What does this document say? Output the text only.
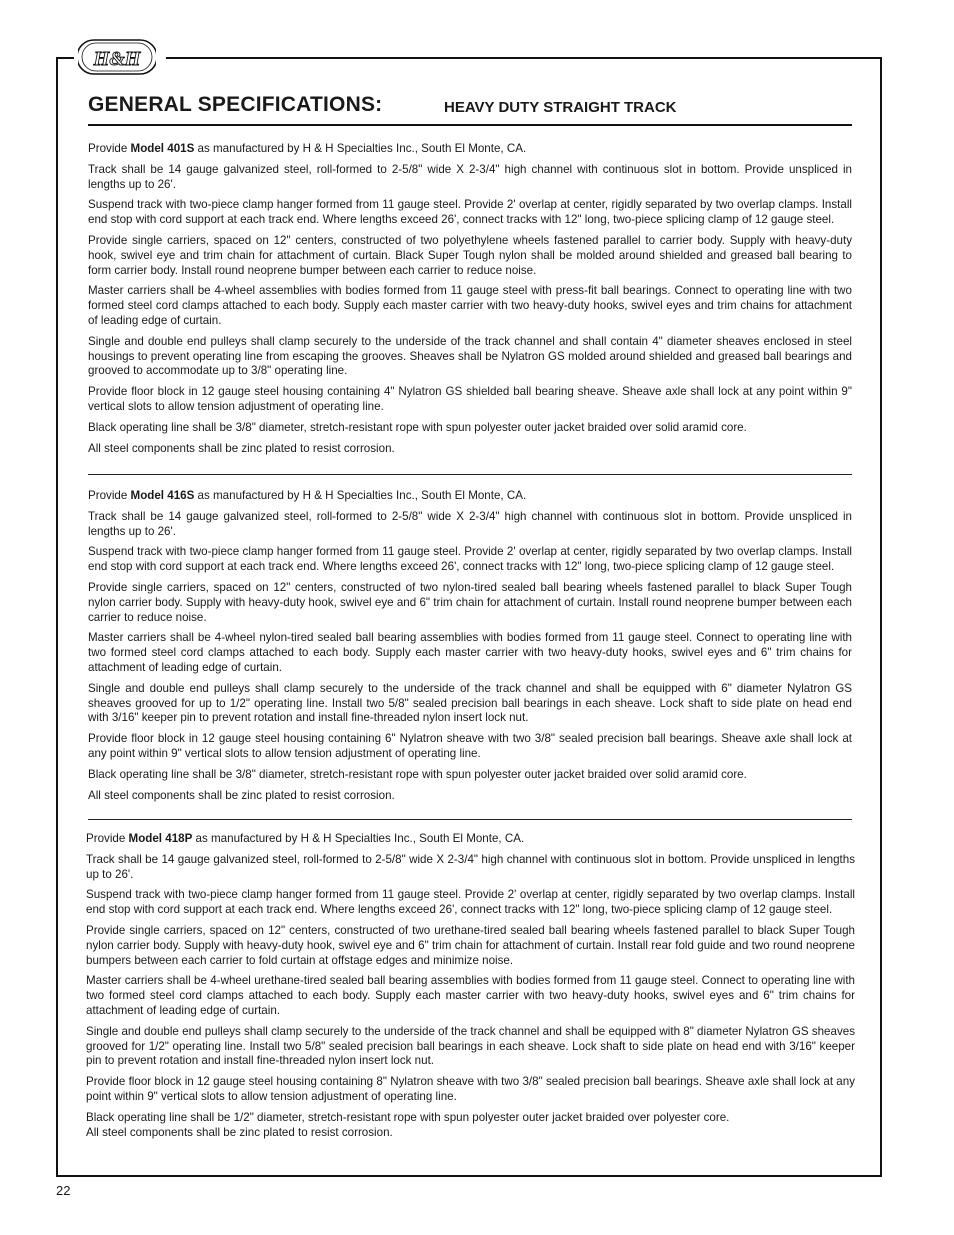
H&H
GENERAL SPECIFICATIONS:	HEAVY DUTY STRAIGHT TRACK

Provide Model 401S as manufactured by H & H Specialties Inc., South El Monte, CA.

Track shall be 14 gauge galvanized steel, roll-formed to 2-5/8" wide X 2-3/4" high channel with continuous slot in bottom. Provide unspliced in lengths up to 26'.

Suspend track with two-piece clamp hanger formed from 11 gauge steel. Provide 2' overlap at center, rigidly separated by two overlap clamps. Install end stop with cord support at each track end. Where lengths exceed 26', connect tracks with 12" long, two-piece splicing clamp of 12 gauge steel.

Provide single carriers, spaced on 12" centers, constructed of two polyethylene wheels fastened parallel to carrier body. Supply with heavy-duty hook, swivel eye and trim chain for attachment of curtain. Black Super Tough nylon shall be molded around shielded and greased ball bearing to form carrier body. Install round neoprene bumper between each carrier to reduce noise.

Master carriers shall be 4-wheel assemblies with bodies formed from 11 gauge steel with press-fit ball bearings. Connect to operating line with two formed steel cord clamps attached to each body. Supply each master carrier with two heavy-duty hooks, swivel eyes and trim chains for attachment of leading edge of curtain.

Single and double end pulleys shall clamp securely to the underside of the track channel and shall contain 4" diameter sheaves enclosed in steel housings to prevent operating line from escaping the grooves. Sheaves shall be Nylatron GS molded around shielded and greased ball bearings and grooved to accommodate up to 3/8" operating line.

Provide floor block in 12 gauge steel housing containing 4" Nylatron GS shielded ball bearing sheave. Sheave axle shall lock at any point within 9" vertical slots to allow tension adjustment of operating line.

Black operating line shall be 3/8" diameter, stretch-resistant rope with spun polyester outer jacket braided over solid aramid core.

All steel components shall be zinc plated to resist corrosion.

Provide Model 416S as manufactured by H & H Specialties Inc., South El Monte, CA.

Track shall be 14 gauge galvanized steel, roll-formed to 2-5/8" wide X 2-3/4" high channel with continuous slot in bottom. Provide unspliced in lengths up to 26'.

Suspend track with two-piece clamp hanger formed from 11 gauge steel. Provide 2' overlap at center, rigidly separated by two overlap clamps. Install end stop with cord support at each track end. Where lengths exceed 26', connect tracks with 12" long, two-piece splicing clamp of 12 gauge steel.

Provide single carriers, spaced on 12" centers, constructed of two nylon-tired sealed ball bearing wheels fastened parallel to black Super Tough nylon carrier body. Supply with heavy-duty hook, swivel eye and 6" trim chain for attachment of curtain. Install round neoprene bumper between each carrier to reduce noise.

Master carriers shall be 4-wheel nylon-tired sealed ball bearing assemblies with bodies formed from 11 gauge steel. Connect to operating line with two formed steel cord clamps attached to each body. Supply each master carrier with two heavy-duty hooks, swivel eyes and 6" trim chains for attachment of leading edge of curtain.

Single and double end pulleys shall clamp securely to the underside of the track channel and shall be equipped with 6" diameter Nylatron GS sheaves grooved for up to 1/2" operating line. Install two 5/8" sealed precision ball bearings in each sheave. Lock shaft to side plate on head end with 3/16" keeper pin to prevent rotation and install fine-threaded nylon insert lock nut.

Provide floor block in 12 gauge steel housing containing 6" Nylatron sheave with two 3/8" sealed precision ball bearings. Sheave axle shall lock at any point within 9" vertical slots to allow tension adjustment of operating line.

Black operating line shall be 3/8" diameter, stretch-resistant rope with spun polyester outer jacket braided over solid aramid core.

All steel components shall be zinc plated to resist corrosion.

Provide Model 418P as manufactured by H & H Specialties Inc., South El Monte, CA.

Track shall be 14 gauge galvanized steel, roll-formed to 2-5/8" wide X 2-3/4" high channel with continuous slot in bottom. Provide unspliced in lengths up to 26'.

Suspend track with two-piece clamp hanger formed from 11 gauge steel. Provide 2' overlap at center, rigidly separated by two overlap clamps. Install end stop with cord support at each track end. Where lengths exceed 26', connect tracks with 12" long, two-piece splicing clamp of 12 gauge steel.

Provide single carriers, spaced on 12" centers, constructed of two urethane-tired sealed ball bearing wheels fastened parallel to black Super Tough nylon carrier body. Supply with heavy-duty hook, swivel eye and 6" trim chain for attachment of curtain. Install rear fold guide and two round neoprene bumpers between each carrier to fold curtain at offstage edges and minimize noise.

Master carriers shall be 4-wheel urethane-tired sealed ball bearing assemblies with bodies formed from 11 gauge steel. Connect to operating line with two formed steel cord clamps attached to each body. Supply each master carrier with two heavy-duty hooks, swivel eyes and 6" trim chains for attachment of leading edge of curtain.

Single and double end pulleys shall clamp securely to the underside of the track channel and shall be equipped with 8" diameter Nylatron GS sheaves grooved for 1/2" operating line. Install two 5/8" sealed precision ball bearings in each sheave. Lock shaft to side plate on head end with 3/16" keeper pin to prevent rotation and install fine-threaded nylon insert lock nut.

Provide floor block in 12 gauge steel housing containing 8" Nylatron sheave with two 3/8" sealed precision ball bearings. Sheave axle shall lock at any point within 9" vertical slots to allow tension adjustment of operating line.

Black operating line shall be 1/2" diameter, stretch-resistant rope with spun polyester outer jacket braided over polyester core.

All steel components shall be zinc plated to resist corrosion.

22
